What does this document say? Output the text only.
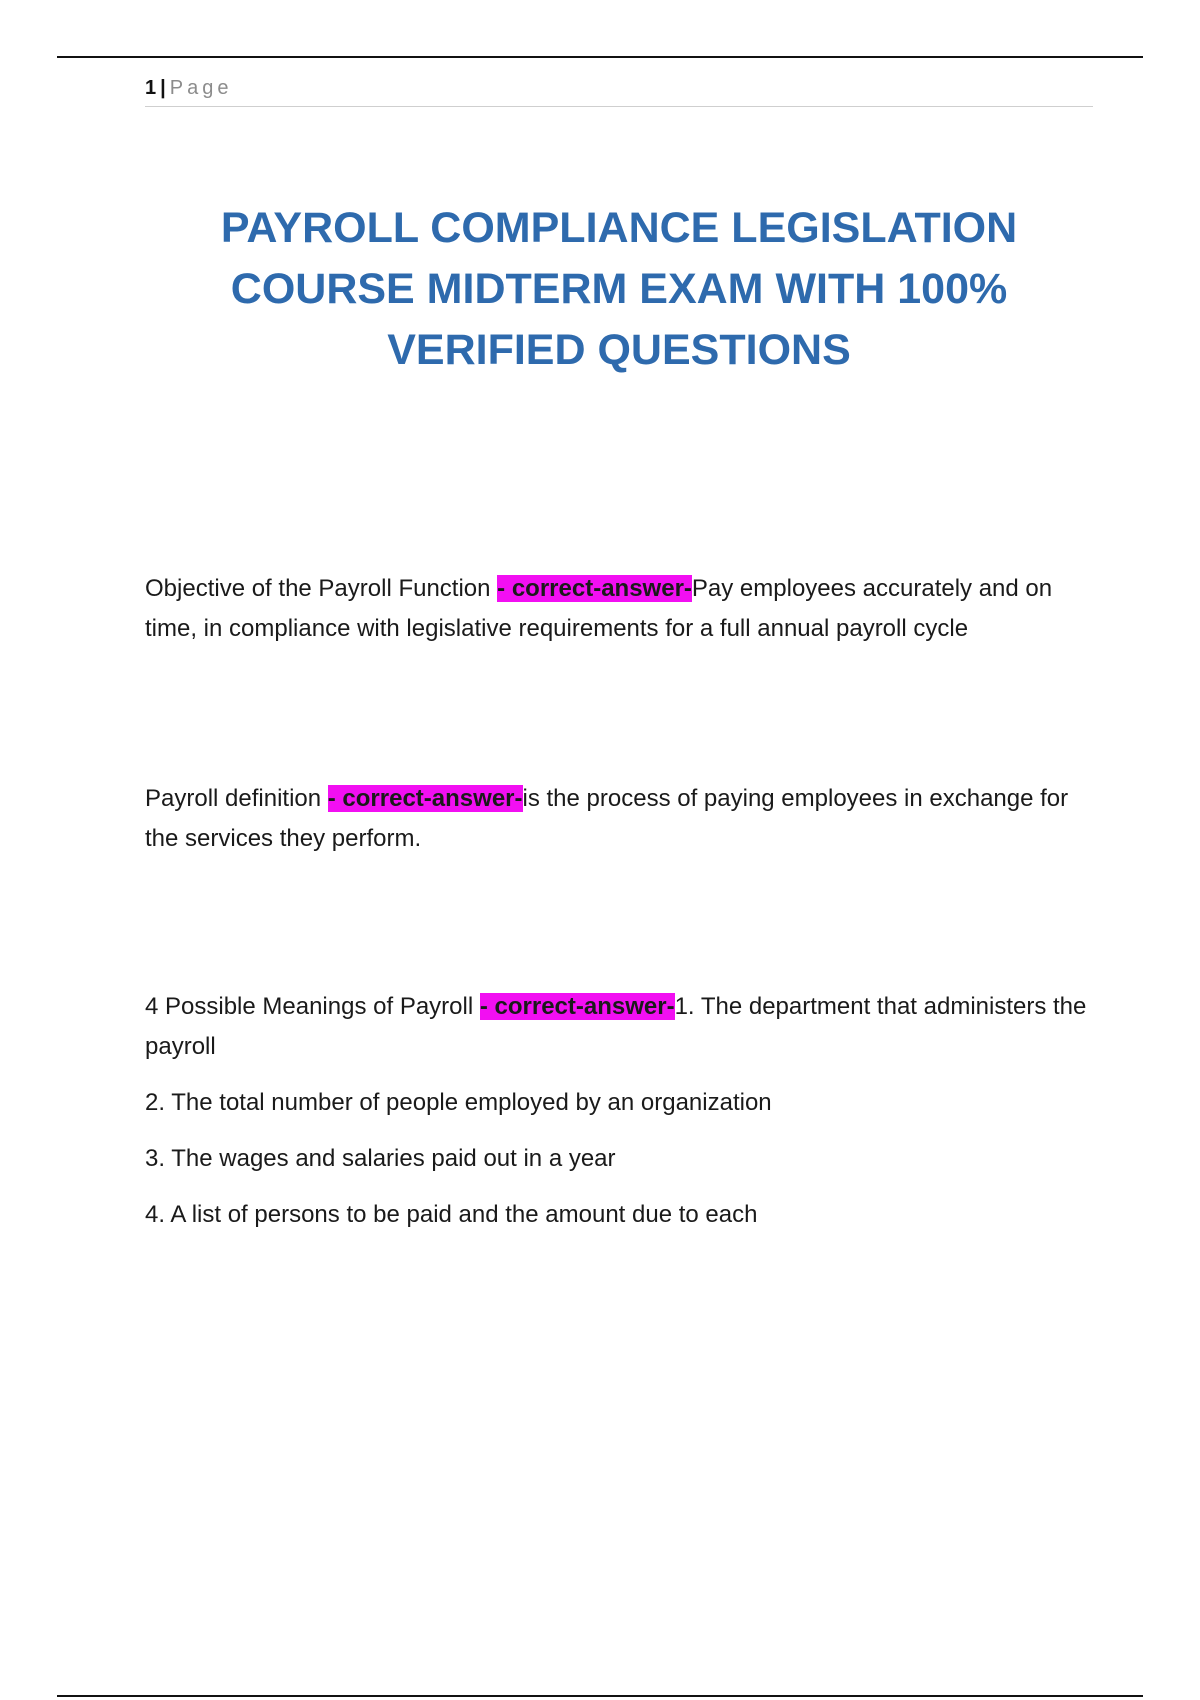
1 | Page
PAYROLL COMPLIANCE LEGISLATION
COURSE MIDTERM EXAM WITH 100%
VERIFIED QUESTIONS

Objective of the Payroll Function - correct-answer-Pay employees accurately and on time, in compliance with legislative requirements for a full annual payroll cycle

Payroll definition - correct-answer-is the process of paying employees in exchange for the services they perform.

4 Possible Meanings of Payroll - correct-answer-1. The department that administers the payroll

2. The total number of people employed by an organization

3. The wages and salaries paid out in a year

4. A list of persons to be paid and the amount due to each
